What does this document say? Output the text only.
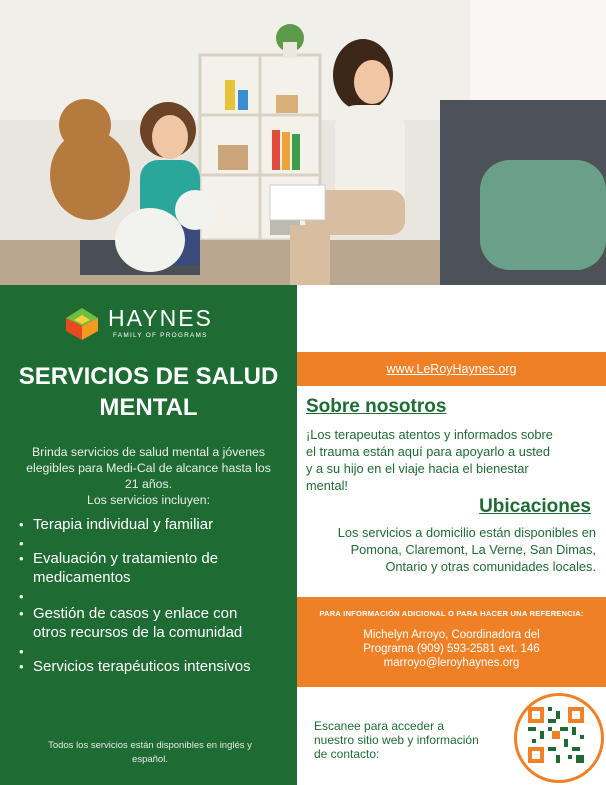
HAYNES
FAMILY OF PROGRAMS
SERVICIOS DE SALUD
MENTAL
Brinda servicios de salud mental a jóvenes
elegibles para Medi-Cal de alcance hasta los
21 años.
Los servicios incluyen:
• Terapia individual y familiar
•
• Evaluación y tratamiento de
medicamentos
•
• Gestión de casos y enlace con
otros recursos de la comunidad
•
• Servicios terapéuticos intensivos
Todos los servicios están disponibles en inglés y
español.
www.LeRoyHaynes.org
Sobre nosotros
¡Los terapeutas atentos y informados sobre
el trauma están aquí para apoyarlo a usted
y a su hijo en el viaje hacia el bienestar
mental!
Ubicaciones
Los servicios a domicilio están disponibles en
Pomona, Claremont, La Verne, San Dimas,
Ontario y otras comunidades locales.
PARA INFORMACIÓN ADICIONAL O PARA HACER UNA REFERENCIA:
Michelyn Arroyo, Coordinadora del
Programa (909) 593-2581 ext. 146
marroyo@leroyhaynes.org
Escanee para acceder a
nuestro sitio web y información
de contacto:
